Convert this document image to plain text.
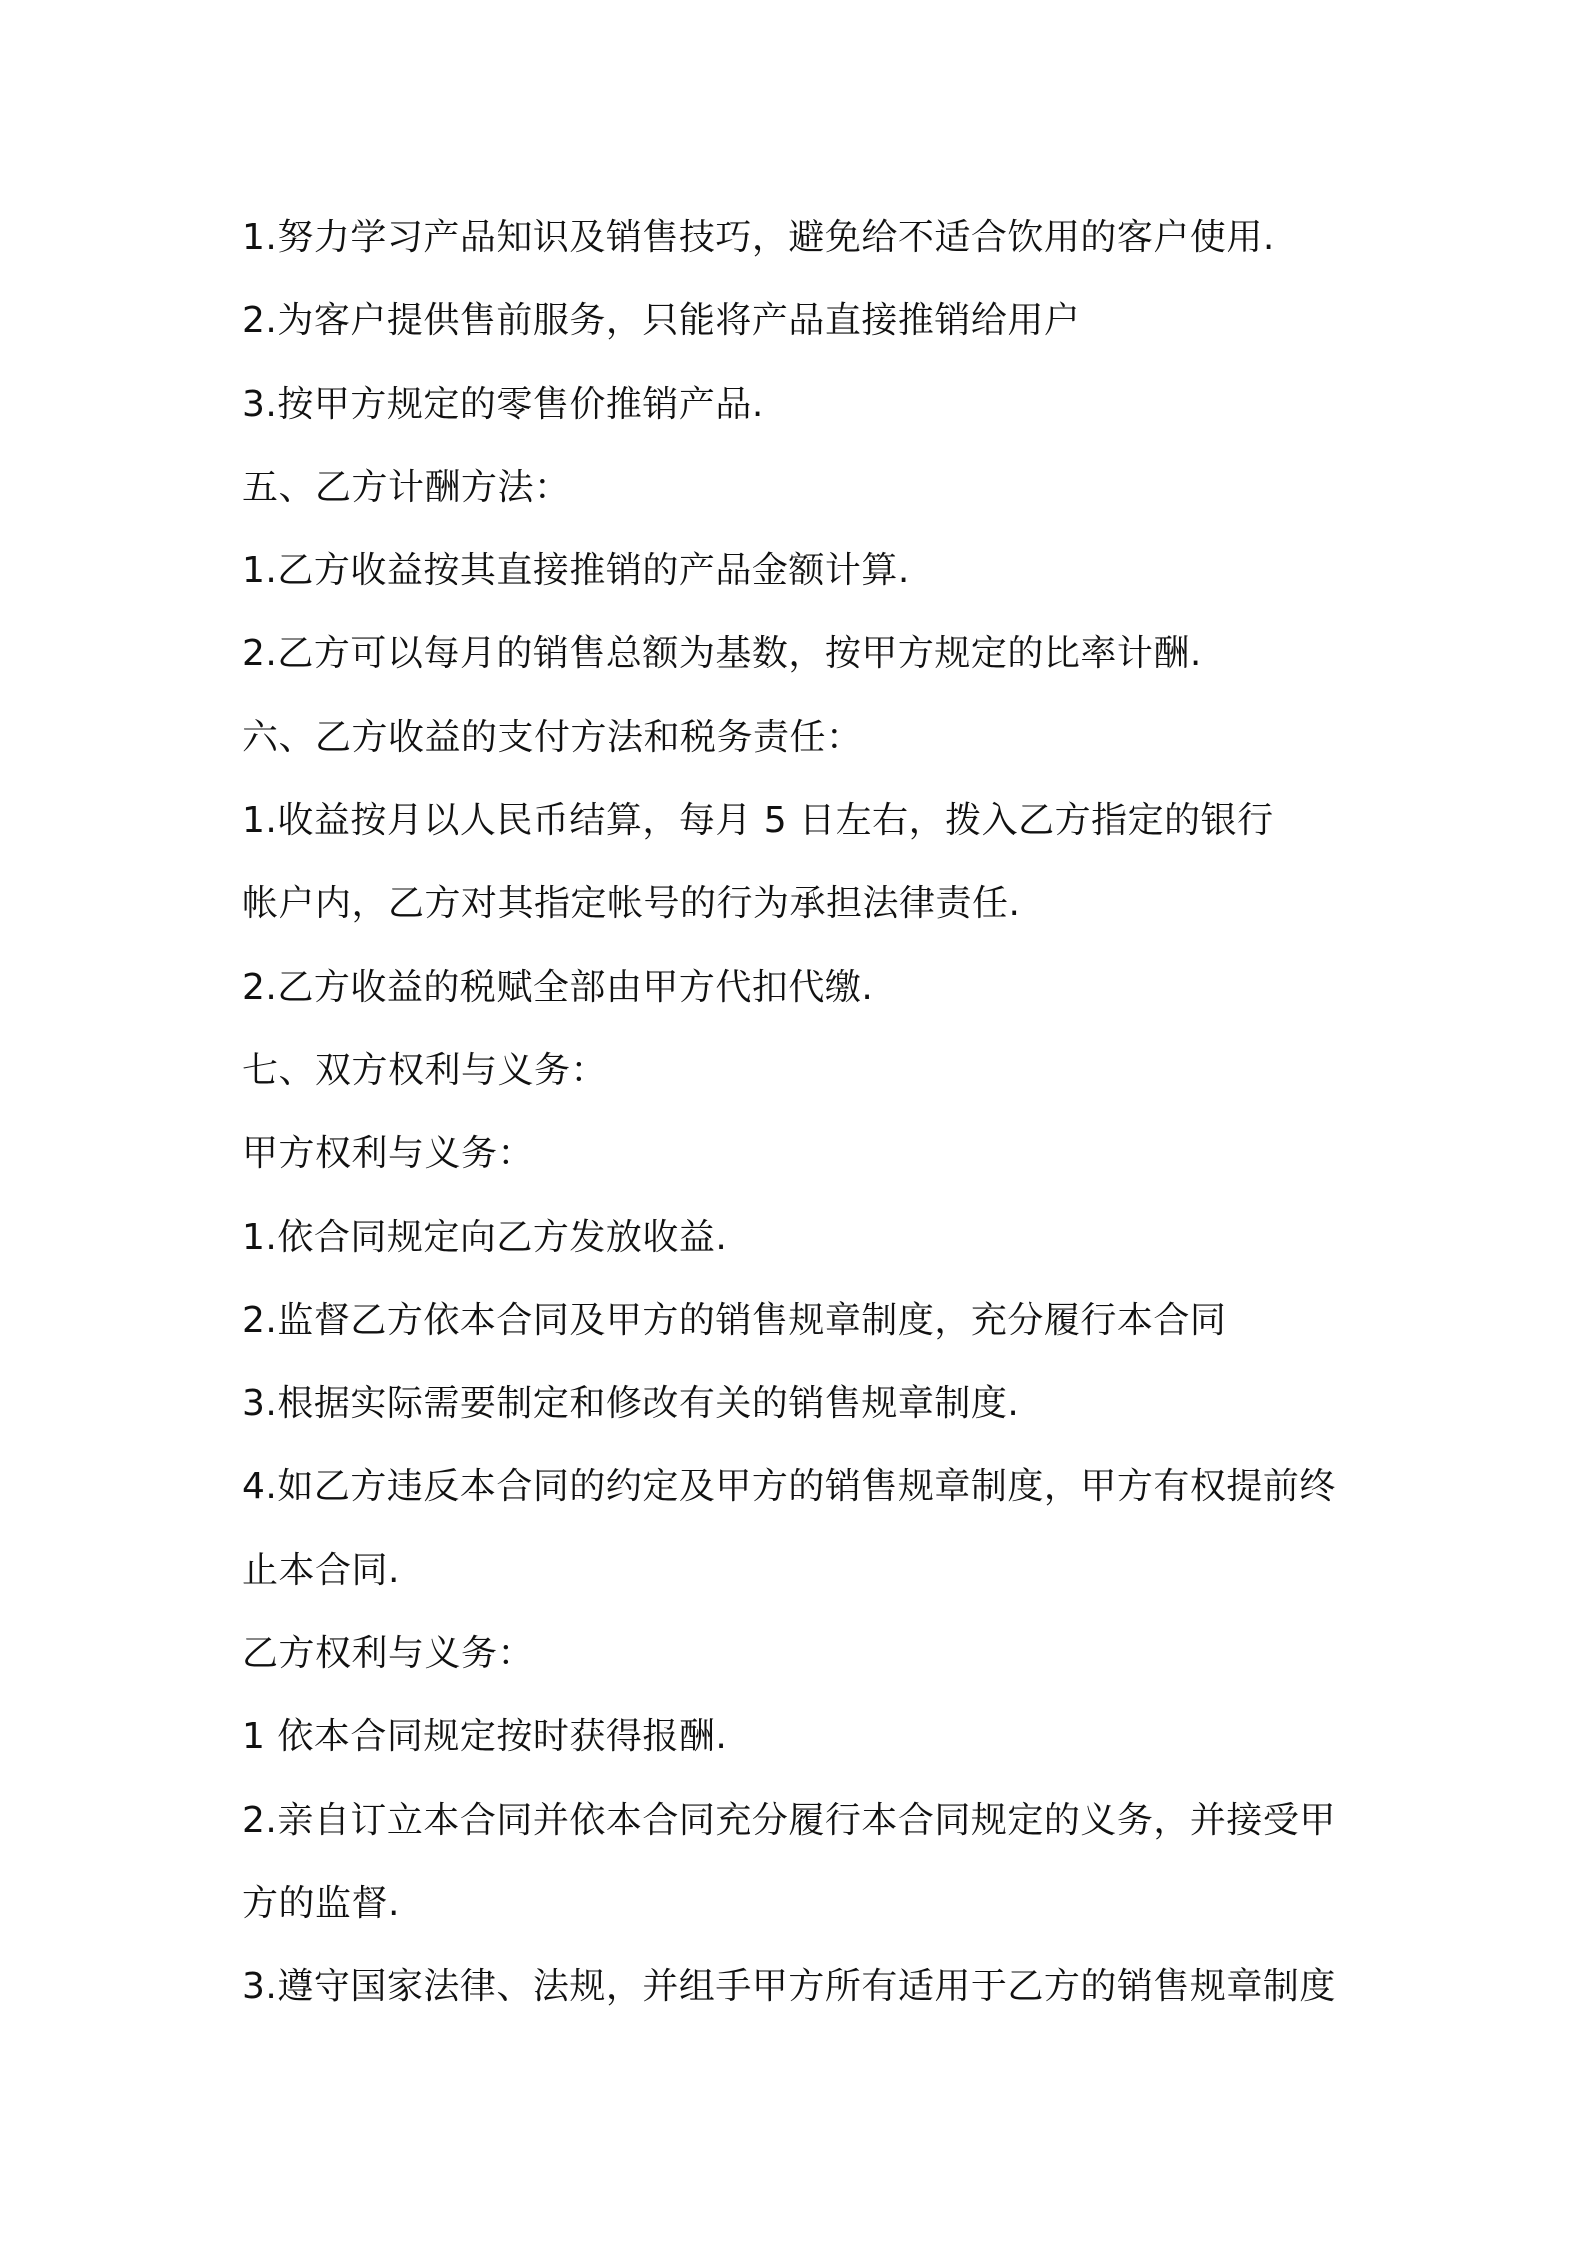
1.努力学习产品知识及销售技巧，避免给不适合饮用的客户使用.

2.为客户提供售前服务，只能将产品直接推销给用户

3.按甲方规定的零售价推销产品.

五、乙方计酬方法：

1.乙方收益按其直接推销的产品金额计算.

2.乙方可以每月的销售总额为基数，按甲方规定的比率计酬.

六、乙方收益的支付方法和税务责任：

1.收益按月以人民币结算，每月 5 日左右，拨入乙方指定的银行

帐户内，乙方对其指定帐号的行为承担法律责任.

2.乙方收益的税赋全部由甲方代扣代缴.

七、双方权利与义务：

甲方权利与义务：

1.依合同规定向乙方发放收益.

2.监督乙方依本合同及甲方的销售规章制度，充分履行本合同

3.根据实际需要制定和修改有关的销售规章制度.

4.如乙方违反本合同的约定及甲方的销售规章制度，甲方有权提前终

止本合同.

乙方权利与义务：

1 依本合同规定按时获得报酬.

2.亲自订立本合同并依本合同充分履行本合同规定的义务，并接受甲

方的监督.

3.遵守国家法律、法规，并组手甲方所有适用于乙方的销售规章制度
